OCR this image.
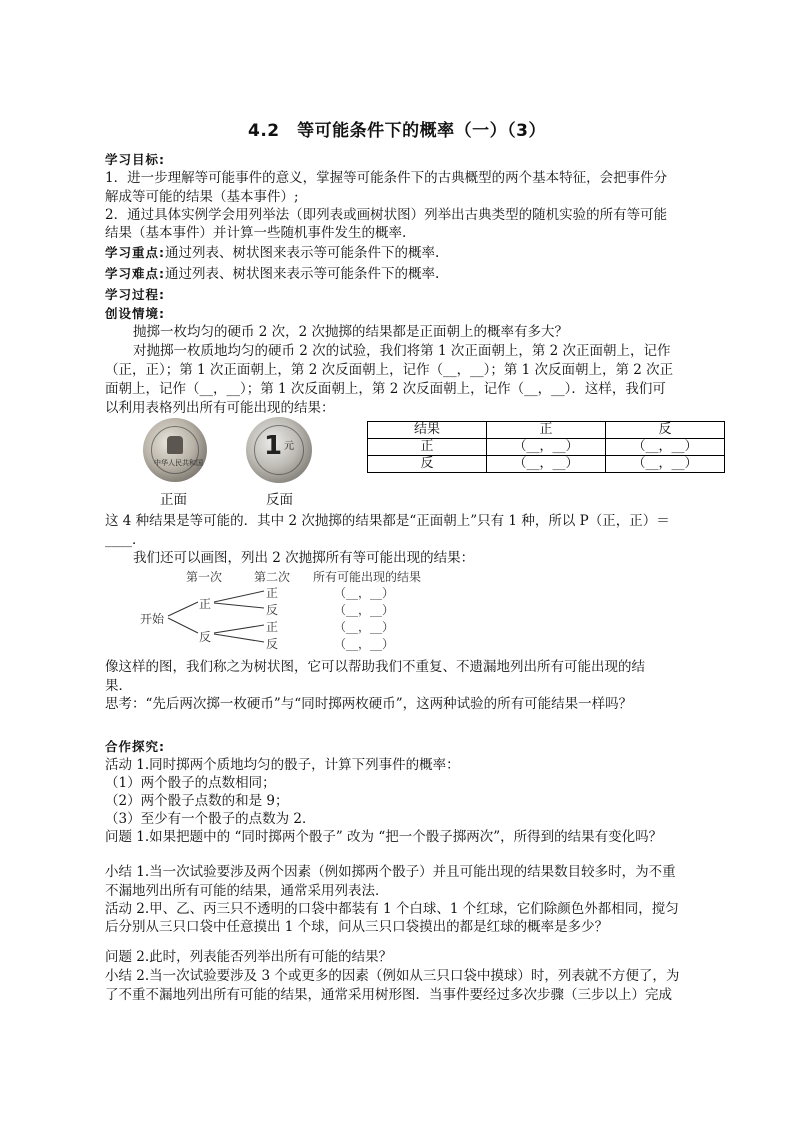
4.2　等可能条件下的概率（一）（3）
学习目标:
1．进一步理解等可能事件的意义，掌握等可能条件下的古典概型的两个基本特征，会把事件分
解成等可能的结果（基本事件）;
2．通过具体实例学会用列举法（即列表或画树状图）列举出古典类型的随机实验的所有等可能
结果（基本事件）并计算一些随机事件发生的概率.
学习重点:通过列表、树状图来表示等可能条件下的概率.
学习难点:通过列表、树状图来表示等可能条件下的概率.
学习过程:
创设情境:
抛掷一枚均匀的硬币 2 次，2 次抛掷的结果都是正面朝上的概率有多大？
对抛掷一枚质地均匀的硬币 2 次的试验，我们将第 1 次正面朝上，第 2 次正面朝上，记作
（正，正）；第 1 次正面朝上，第 2 次反面朝上，记作（__，__）；第 1 次反面朝上，第 2 次正
面朝上，记作（__，__）；第 1 次反面朝上，第 2 次反面朝上，记作（__，__）．这样，我们可
以利用表格列出所有可能出现的结果：
中华人民共和国
1 元
正面	反面
结果	正	反
正	（__，__）	（__，__）
反	（__，__）	（__，__）
这 4 种结果是等可能的．其中 2 次抛掷的结果都是“正面朝上”只有 1 种，所以 P（正，正）＝
____．
我们还可以画图，列出 2 次抛掷所有等可能出现的结果：
第一次	第二次 所有可能出现的结果
开始
正
反
正
反
正
反
（__，__）
（__，__）
（__，__）
（__，__）
像这样的图，我们称之为树状图，它可以帮助我们不重复、不遗漏地列出所有可能出现的结
果．
思考：“先后两次掷一枚硬币”与“同时掷两枚硬币”，这两种试验的所有可能结果一样吗？
合作探究:
活动 1.同时掷两个质地均匀的骰子，计算下列事件的概率：
（1）两个骰子的点数相同；
（2）两个骰子点数的和是 9；
（3）至少有一个骰子的点数为 2．
问题 1.如果把题中的 “同时掷两个骰子” 改为 “把一个骰子掷两次”，所得到的结果有变化吗？
小结 1.当一次试验要涉及两个因素（例如掷两个骰子）并且可能出现的结果数目较多时，为不重
不漏地列出所有可能的结果，通常采用列表法．
活动 2.甲、乙、丙三只不透明的口袋中都装有 1 个白球、1 个红球，它们除颜色外都相同，搅匀
后分别从三只口袋中任意摸出 1 个球，问从三只口袋摸出的都是红球的概率是多少？
问题 2.此时，列表能否列举出所有可能的结果？
小结 2.当一次试验要涉及 3 个或更多的因素（例如从三只口袋中摸球）时，列表就不方便了，为
了不重不漏地列出所有可能的结果，通常采用树形图．当事件要经过多次步骤（三步以上）完成
